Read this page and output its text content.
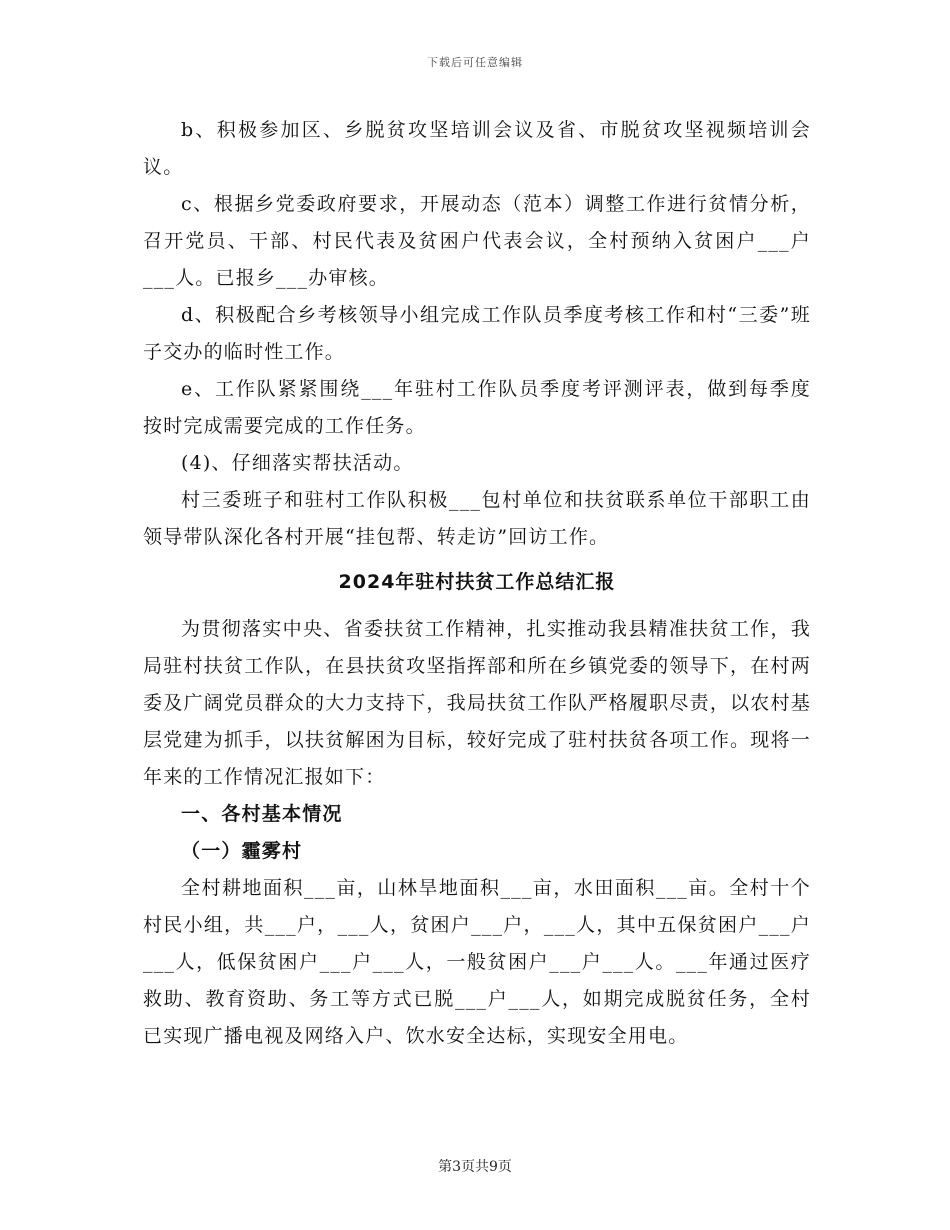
下载后可任意编辑

b、积极参加区、乡脱贫攻坚培训会议及省、市脱贫攻坚视频培训会议。

c、根据乡党委政府要求，开展动态（范本）调整工作进行贫情分析，召开党员、干部、村民代表及贫困户代表会议，全村预纳入贫困户___户___人。已报乡___办审核。

d、积极配合乡考核领导小组完成工作队员季度考核工作和村“三委”班子交办的临时性工作。

e、工作队紧紧围绕___年驻村工作队员季度考评测评表，做到每季度按时完成需要完成的工作任务。

(4)、仔细落实帮扶活动。

村三委班子和驻村工作队积极___包村单位和扶贫联系单位干部职工由领导带队深化各村开展“挂包帮、转走访”回访工作。

2024年驻村扶贫工作总结汇报

为贯彻落实中央、省委扶贫工作精神，扎实推动我县精准扶贫工作，我局驻村扶贫工作队，在县扶贫攻坚指挥部和所在乡镇党委的领导下，在村两委及广阔党员群众的大力支持下，我局扶贫工作队严格履职尽责，以农村基层党建为抓手，以扶贫解困为目标，较好完成了驻村扶贫各项工作。现将一年来的工作情况汇报如下：

一、各村基本情况

（一）霾雾村

全村耕地面积___亩，山林旱地面积___亩，水田面积___亩。全村十个村民小组，共___户，___人，贫困户___户，___人，其中五保贫困户___户___人，低保贫困户___户___人，一般贫困户___户___人。___年通过医疗救助、教育资助、务工等方式已脱___户___人，如期完成脱贫任务，全村已实现广播电视及网络入户、饮水安全达标，实现安全用电。

第3页共9页
